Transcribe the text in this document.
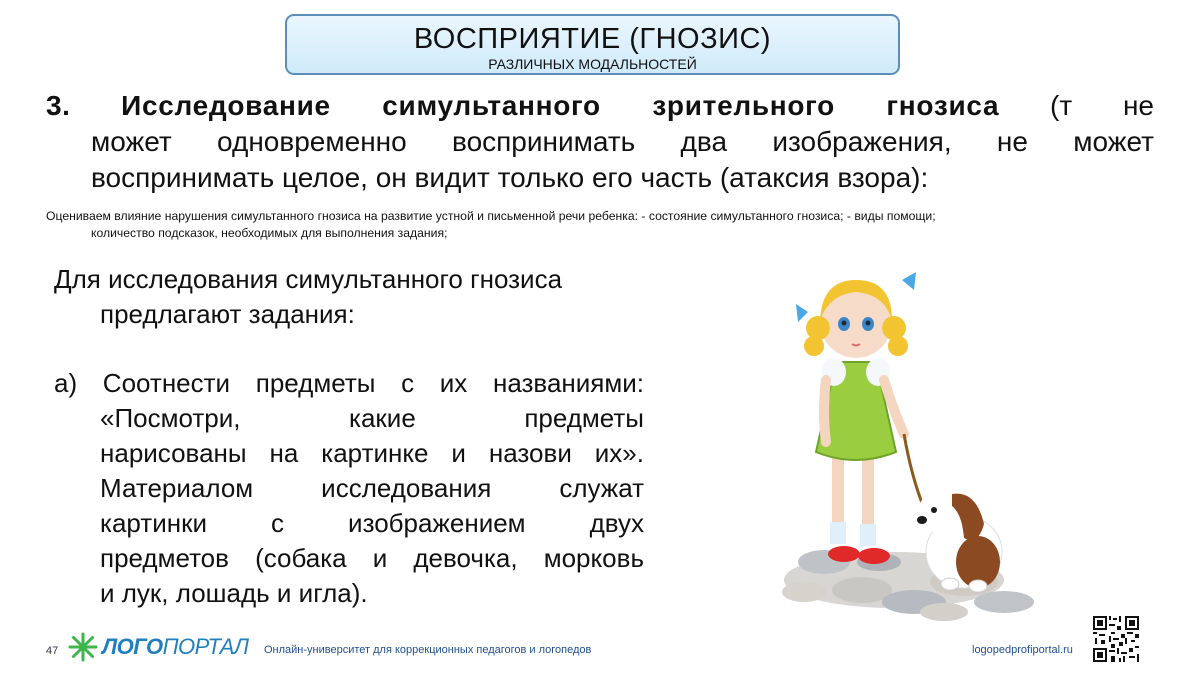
ВОСПРИЯТИЕ (ГНОЗИС)
РАЗЛИЧНЫХ МОДАЛЬНОСТЕЙ
3. Исследование симультанного зрительного гнозиса (т не
может одновременно воспринимать два изображения, не может
воспринимать целое, он видит только его часть (атаксия взора):
Оцениваем влияние нарушения симультанного гнозиса на развитие устной и письменной речи ребенка: - состояние симультанного гнозиса; - виды помощи;
количество подсказок, необходимых для выполнения задания;
Для исследования симультанного гнозиса
предлагают задания:
а) Соотнести предметы с их названиями:
«Посмотри, какие предметы
нарисованы на картинке и назови их».
Материалом исследования служат
картинки с изображением двух
предметов (собака и девочка, морковь
и лук, лошадь и игла).
47 ЛОГОПОРТАЛ Онлайн-университет для коррекционных педагогов и логопедов	logopedprofiportal.ru
